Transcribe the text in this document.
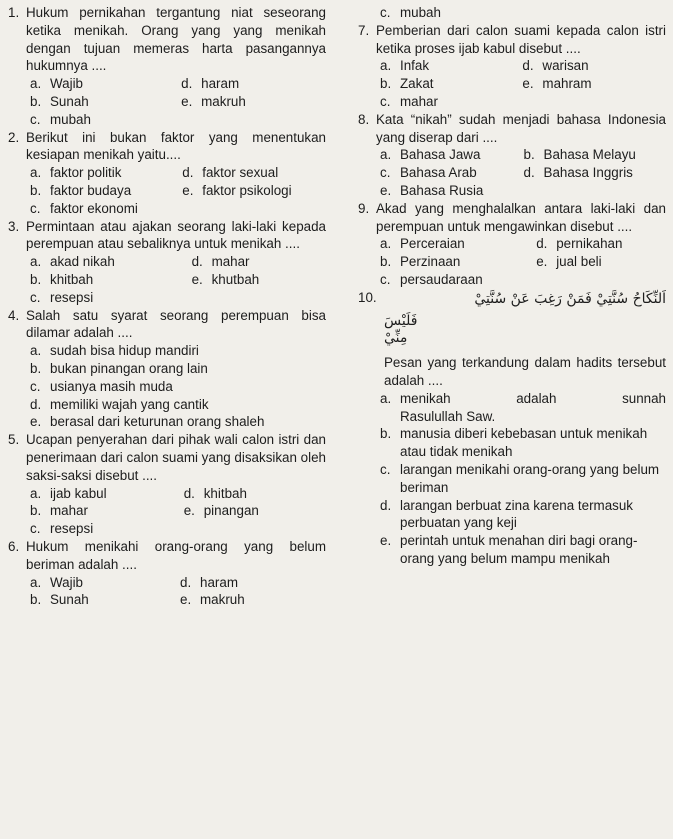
1. Hukum pernikahan tergantung niat seseorang ketika menikah. Orang yang yang menikah dengan tujuan memeras harta pasangannya hukumnya ....
a. Wajib	d. haram
b. Sunah	e. makruh
c. mubah
2. Berikut ini bukan faktor yang menentukan kesiapan menikah yaitu....
a. faktor politik	d. faktor sexual
b. faktor budaya	e. faktor psikologi
c. faktor ekonomi
3. Permintaan atau ajakan seorang laki-laki kepada perempuan atau sebaliknya untuk menikah ....
a. akad nikah	d. mahar
b. khitbah	e. khutbah
c. resepsi
4. Salah satu syarat seorang perempuan bisa dilamar adalah ....
a. sudah bisa hidup mandiri
b. bukan pinangan orang lain
c. usianya masih muda
d. memiliki wajah yang cantik
e. berasal dari keturunan orang shaleh
5. Ucapan penyerahan dari pihak wali calon istri dan penerimaan dari calon suami yang disaksikan oleh saksi-saksi disebut ....
a. ijab kabul	d. khitbah
b. mahar	e. pinangan
c. resepsi
6. Hukum menikahi orang-orang yang belum beriman adalah ....
a. Wajib	d. haram
b. Sunah	e. makruh
c. mubah
7. Pemberian dari calon suami kepada calon istri ketika proses ijab kabul disebut ....
a. Infak	d. warisan
b. Zakat	e. mahram
c. mahar
8. Kata “nikah” sudah menjadi bahasa Indonesia yang diserap dari ....
a. Bahasa Jawa	b. Bahasa Melayu
c. Bahasa Arab	d. Bahasa Inggris
e. Bahasa Rusia
9. Akad yang menghalalkan antara laki-laki dan perempuan untuk mengawinkan disebut ....
a. Perceraian	d. pernikahan
b. Perzinaan	e. jual beli
c. persaudaraan
10.	اَلنِّكَاحُ سُنَّتِيْ فَمَنْ رَغِبَ عَنْ سُنَّتِيْ
فَلَيْسَ مِنِّيْ
Pesan yang terkandung dalam hadits tersebut adalah ....
a. menikah	adalah	sunnah
Rasulullah Saw.
b. manusia diberi kebebasan untuk menikah atau tidak menikah
c. larangan menikahi orang-orang yang belum beriman
d. larangan berbuat zina karena termasuk perbuatan yang keji
e. perintah untuk menahan diri bagi orang-orang yang belum mampu menikah
